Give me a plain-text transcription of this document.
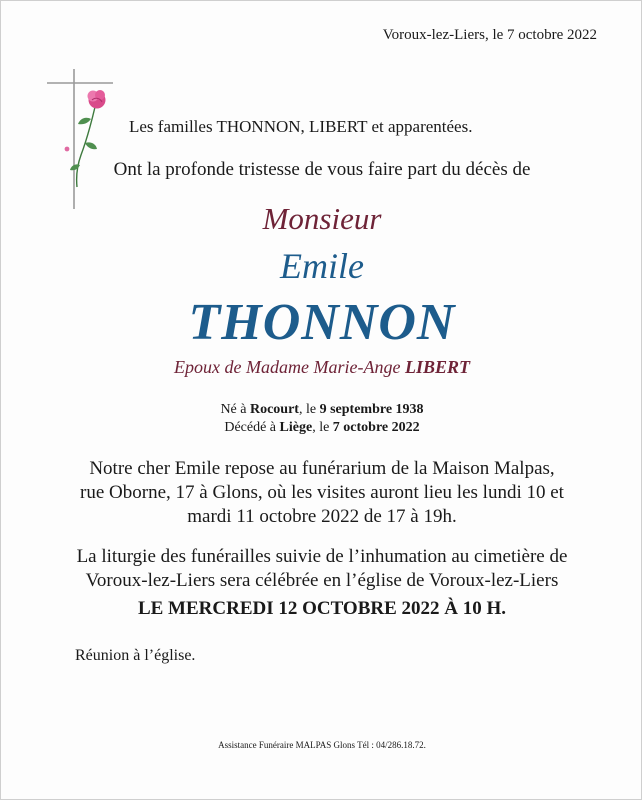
Voroux-lez-Liers, le 7 octobre 2022
Les familles THONNON, LIBERT et apparentées.
Ont la profonde tristesse de vous faire part du décès de
Monsieur
Emile
THONNON
Epoux de Madame Marie-Ange LIBERT
Né à Rocourt, le 9 septembre 1938
Décédé à Liège, le 7 octobre 2022
Notre cher Emile repose au funérarium de la Maison Malpas,
rue Oborne, 17 à Glons, où les visites auront lieu les lundi 10 et
mardi 11 octobre 2022 de 17 à 19h.
La liturgie des funérailles suivie de l’inhumation au cimetière de
Voroux-lez-Liers sera célébrée en l’église de Voroux-lez-Liers
LE MERCREDI 12 OCTOBRE 2022 À 10 H.
Réunion à l’église.
Assistance Funéraire MALPAS Glons Tél : 04/286.18.72.
